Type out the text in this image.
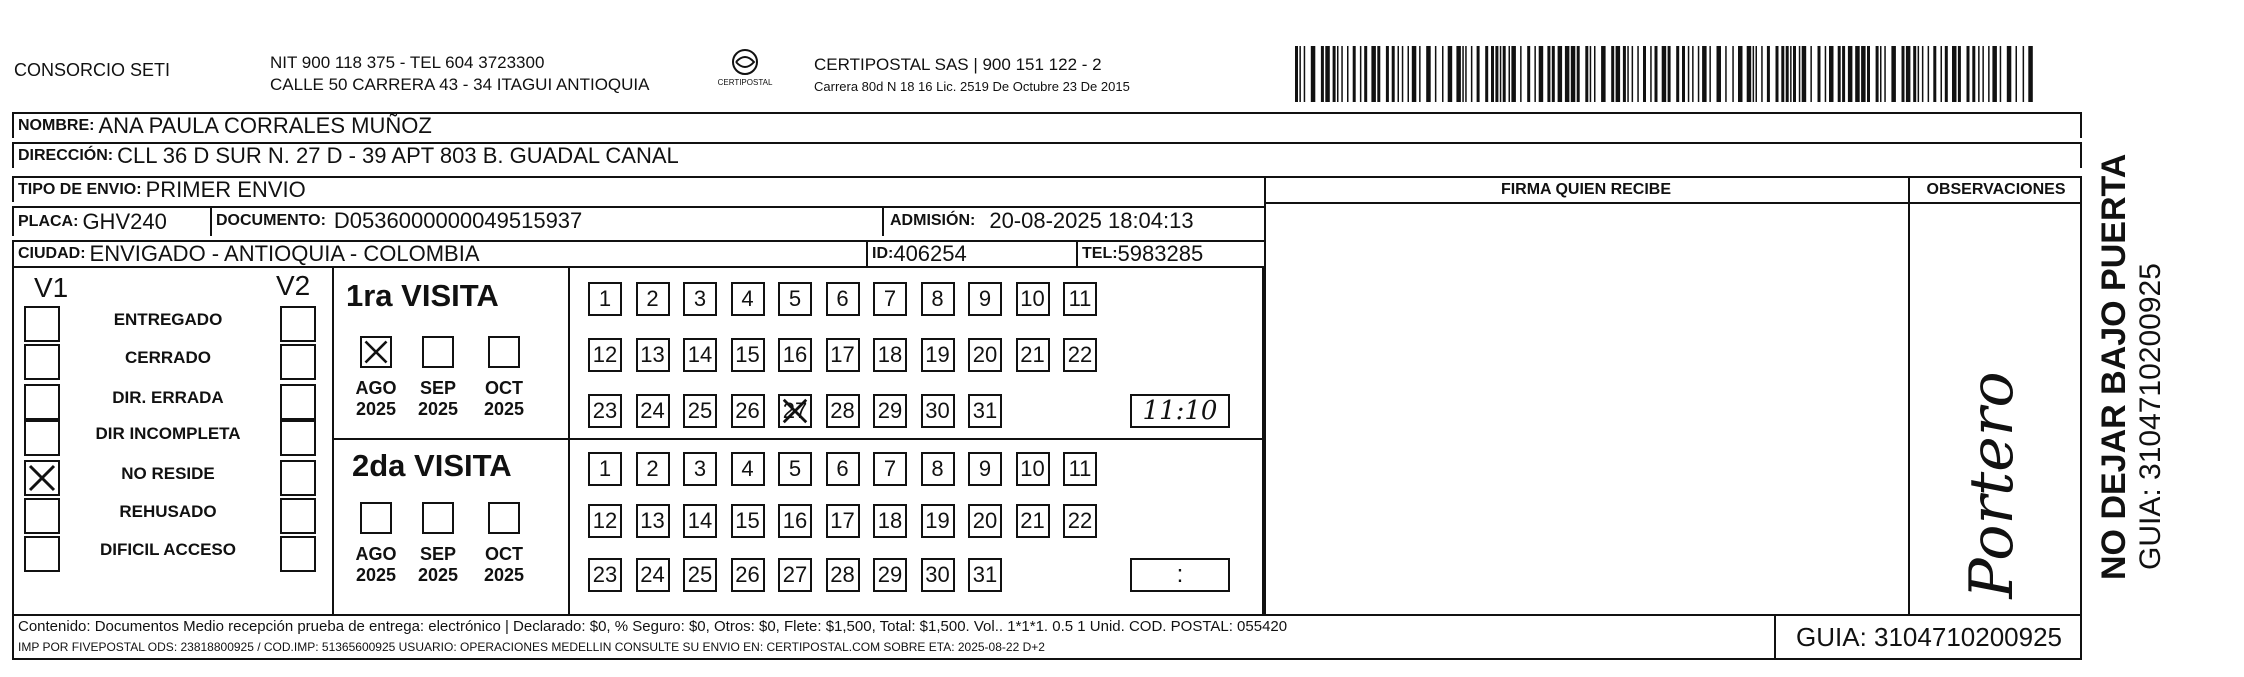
CONSORCIO SETI	NIT 900 118 375 - TEL 604 3723300
CALLE 50 CARRERA 43 - 34 ITAGUI ANTIOQUIA	CERTIPOSTAL
CERTIPOSTAL SAS | 900 151 122 - 2
Carrera 80d N 18 16 Lic. 2519 De Octubre 23 De 2015
NOMBRE: ANA PAULA CORRALES MUÑOZ
DIRECCIÓN: CLL 36 D SUR N. 27 D - 39 APT 803 B. GUADAL CANAL
TIPO DE ENVIO: PRIMER ENVIO
PLACA: GHV240	DOCUMENTO: D0536000000049515937	ADMISIÓN: 20-08-2025 18:04:13
CIUDAD: ENVIGADO - ANTIOQUIA - COLOMBIA	ID: 406254	TEL: 5983285
FIRMA QUIEN RECIBE	OBSERVACIONES
Portero
V1	V2
ENTREGADO
CERRADO
DIR. ERRADA
DIR INCOMPLETA
NO RESIDE
REHUSADO
DIFICIL ACCESO
1ra VISITA
AGO
2025
SEP
2025
OCT
2025
1	2	3	4	5	6	7	8	9	10 11
12 13 14 15 16 17 18 19 20 21 22
23 24 25 26 27 28 29 30 31	11:10
2da VISITA
AGO
2025
SEP
2025
OCT
2025
1	2	3	4	5	6	7	8	9	10 11
12 13 14 15 16 17 18 19 20 21 22
23 24 25 26 27 28 29 30 31	:
Contenido: Documentos Medio recepción prueba de entrega: electrónico | Declarado: $0, % Seguro: $0, Otros: $0, Flete: $1,500, Total: $1,500. Vol.. 1*1*1. 0.5 1 Unid. COD. POSTAL: 055420
IMP POR FIVEPOSTAL ODS: 23818800925 / COD.IMP: 51365600925 USUARIO: OPERACIONES MEDELLIN CONSULTE SU ENVIO EN: CERTIPOSTAL.COM SOBRE ETA: 2025-08-22 D+2	GUIA: 3104710200925
NO DEJAR BAJO PUERTA GUIA: 3104710200925
